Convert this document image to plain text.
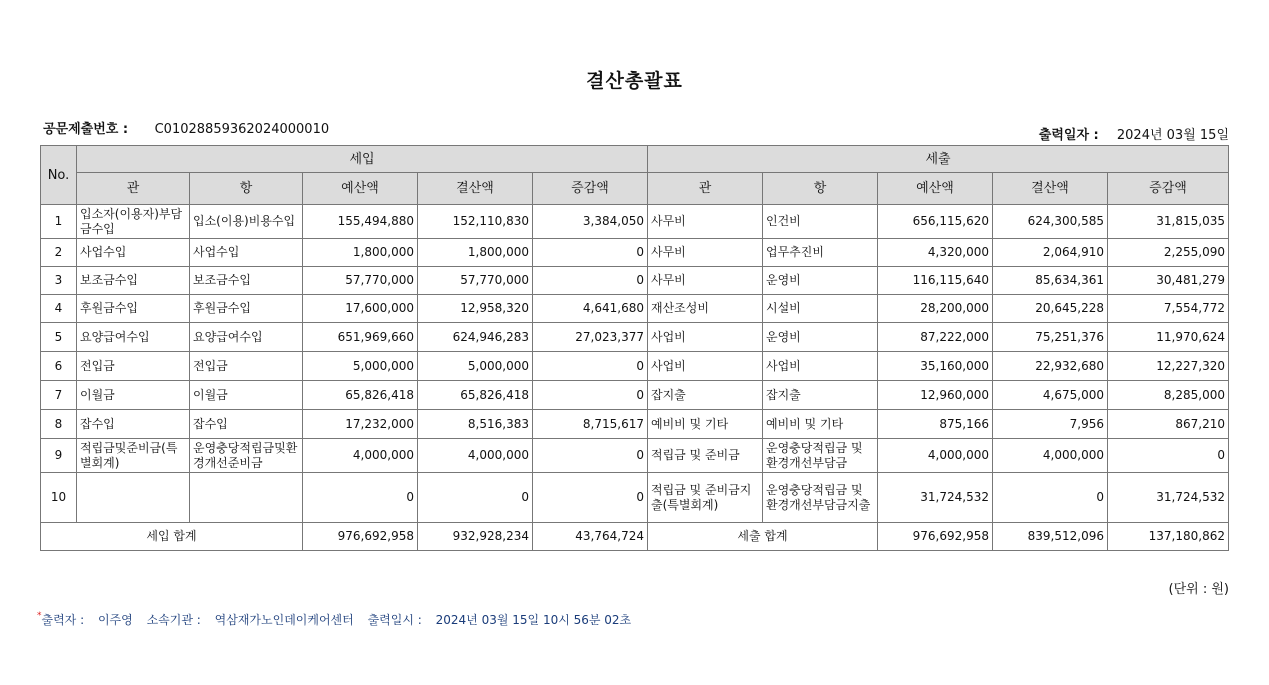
결산총괄표
공문제출번호 : C01028859362024000010	출력일자 : 2024년 03월 15일
No.	세입					세출				
	관	항	예산액	결산액	증감액	관	항	예산액	결산액	증감액
1	입소자(이용자)부담금수입	입소(이용)비용수입	155,494,880	152,110,830	3,384,050	사무비	인건비	656,115,620	624,300,585	31,815,035
2	사업수입	사업수입	1,800,000	1,800,000	0	사무비	업무추진비	4,320,000	2,064,910	2,255,090
3	보조금수입	보조금수입	57,770,000	57,770,000	0	사무비	운영비	116,115,640	85,634,361	30,481,279
4	후원금수입	후원금수입	17,600,000	12,958,320	4,641,680	재산조성비	시설비	28,200,000	20,645,228	7,554,772
5	요양급여수입	요양급여수입	651,969,660	624,946,283	27,023,377	사업비	운영비	87,222,000	75,251,376	11,970,624
6	전입금	전입금	5,000,000	5,000,000	0	사업비	사업비	35,160,000	22,932,680	12,227,320
7	이월금	이월금	65,826,418	65,826,418	0	잡지출	잡지출	12,960,000	4,675,000	8,285,000
8	잡수입	잡수입	17,232,000	8,516,383	8,715,617	예비비 및 기타	예비비 및 기타	875,166	7,956	867,210
9	적립금및준비금(특별회계)	운영충당적립금및환경개선준비금	4,000,000	4,000,000	0	적립금 및 준비금	운영충당적립금 및 환경개선부담금	4,000,000	4,000,000	0
10			0	0	0	적립금 및 준비금지출(특별회계)	운영충당적립금 및 환경개선부담금지출	31,724,532	0	31,724,532
세입 합계			976,692,958	932,928,234	43,764,724	세출 합계		976,692,958	839,512,096	137,180,862
(단위 : 원)
*출력자 : 이주영 소속기관 : 역삼재가노인데이케어센터 출력일시 : 2024년 03월 15일 10시 56분 02초
